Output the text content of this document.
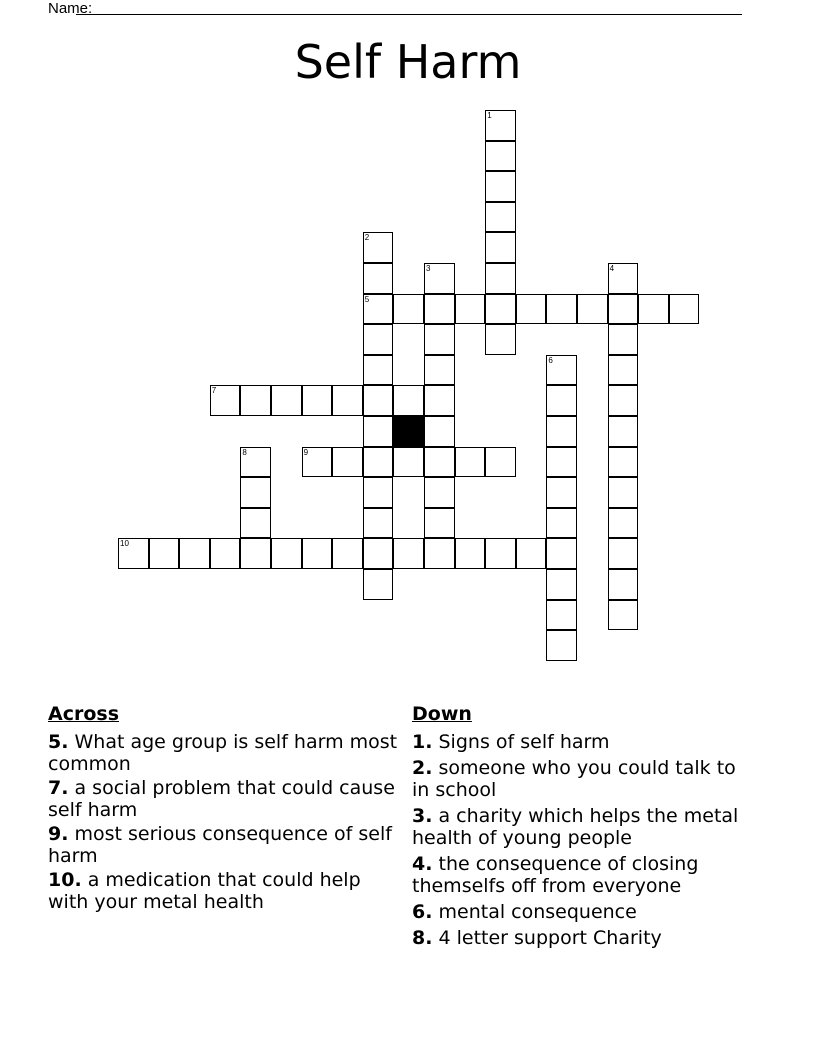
Name:
Self Harm
1
2
5
3	4
6
7
8	9
10
Across
5. What age group is self harm most common
7. a social problem that could cause self harm
9. most serious consequence of self harm
10. a medication that could help with your metal health
Down
1. Signs of self harm
2. someone who you could talk to in school
3. a charity which helps the metal health of young people
4. the consequence of closing themselfs off from everyone
6. mental consequence
8. 4 letter support Charity
